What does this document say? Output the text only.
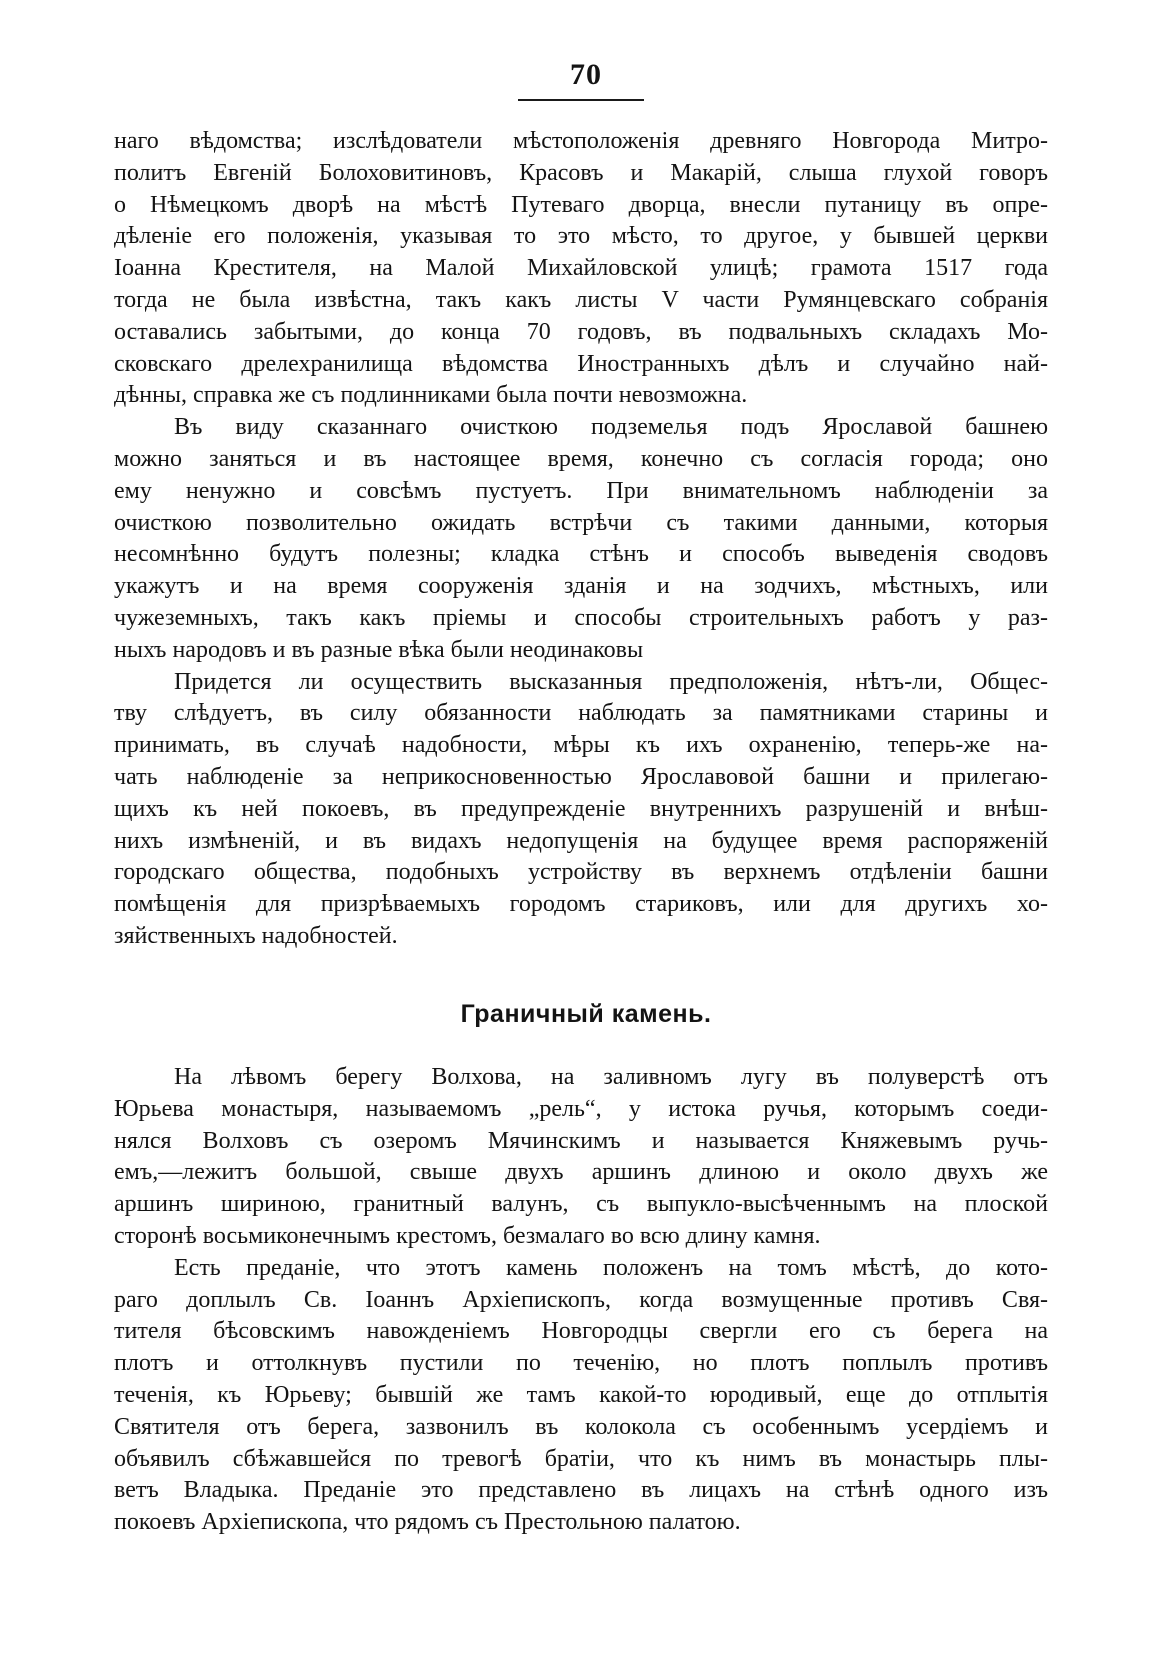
70
наго вѣдомства; изслѣдователи мѣстоположенія древняго Новгорода Митро-
политъ Евгеній Болоховитиновъ, Красовъ и Макарій, слыша глухой говоръ
о Нѣмецкомъ дворѣ на мѣстѣ Путеваго дворца, внесли путаницу въ опре-
дѣленіе его положенія, указывая то это мѣсто, то другое, у бывшей церкви
Іоанна Крестителя, на Малой Михайловской улицѣ; грамота 1517 года
тогда не была извѣстна, такъ какъ листы V части Румянцевскаго собранія
оставались забытыми, до конца 70 годовъ, въ подвальныхъ складахъ Мо-
сковскаго дрелехранилища вѣдомства Иностранныхъ дѣлъ и случайно най-
дѣнны, справка же съ подлинниками была почти невозможна.
Въ виду сказаннаго очисткою подземелья подъ Ярославой башнею
можно заняться и въ настоящее время, конечно съ согласія города; оно
ему ненужно и совсѣмъ пустуетъ. При внимательномъ наблюденіи за
очисткою позволительно ожидать встрѣчи съ такими данными, которыя
несомнѣнно будутъ полезны; кладка стѣнъ и способъ выведенія сводовъ
укажутъ и на время сооруженія зданія и на зодчихъ, мѣстныхъ, или
чужеземныхъ, такъ какъ пріемы и способы строительныхъ работъ у раз-
ныхъ народовъ и въ разные вѣка были неодинаковы
Придется ли осуществить высказанныя предположенія, нѣтъ-ли, Общес-
тву слѣдуетъ, въ силу обязанности наблюдать за памятниками старины и
принимать, въ случаѣ надобности, мѣры къ ихъ охраненію, теперь-же на-
чать наблюденіе за неприкосновенностью Ярославовой башни и прилегаю-
щихъ къ ней покоевъ, въ предупрежденіе внутреннихъ разрушеній и внѣш-
нихъ измѣненій, и въ видахъ недопущенія на будущее время распоряженій
городскаго общества, подобныхъ устройству въ верхнемъ отдѣленіи башни
помѣщенія для призрѣваемыхъ городомъ стариковъ, или для другихъ хо-
зяйственныхъ надобностей.
Граничный камень.
На лѣвомъ берегу Волхова, на заливномъ лугу въ полуверстѣ отъ
Юрьева монастыря, называемомъ „рель“, у истока ручья, которымъ соеди-
нялся Волховъ съ озеромъ Мячинскимъ и называется Княжевымъ ручь-
емъ,—лежитъ большой, свыше двухъ аршинъ длиною и около двухъ же
аршинъ шириною, гранитный валунъ, съ выпукло-высѣченнымъ на плоской
сторонѣ восьмиконечнымъ крестомъ, безмалаго во всю длину камня.
Есть преданіе, что этотъ камень положенъ на томъ мѣстѣ, до кото-
раго доплылъ Св. Іоаннъ Архіепископъ, когда возмущенные противъ Свя-
тителя бѣсовскимъ навожденіемъ Новгородцы свергли его съ берега на
плотъ и оттолкнувъ пустили по теченію, но плотъ поплылъ противъ
теченія, къ Юрьеву; бывшій же тамъ какой-то юродивый, еще до отплытія
Святителя отъ берега, зазвонилъ въ колокола съ особеннымъ усердіемъ и
объявилъ сбѣжавшейся по тревогѣ братіи, что къ нимъ въ монастырь плы-
ветъ Владыка. Преданіе это представлено въ лицахъ на стѣнѣ одного изъ
покоевъ Архіепископа, что рядомъ съ Престольною палатою.
